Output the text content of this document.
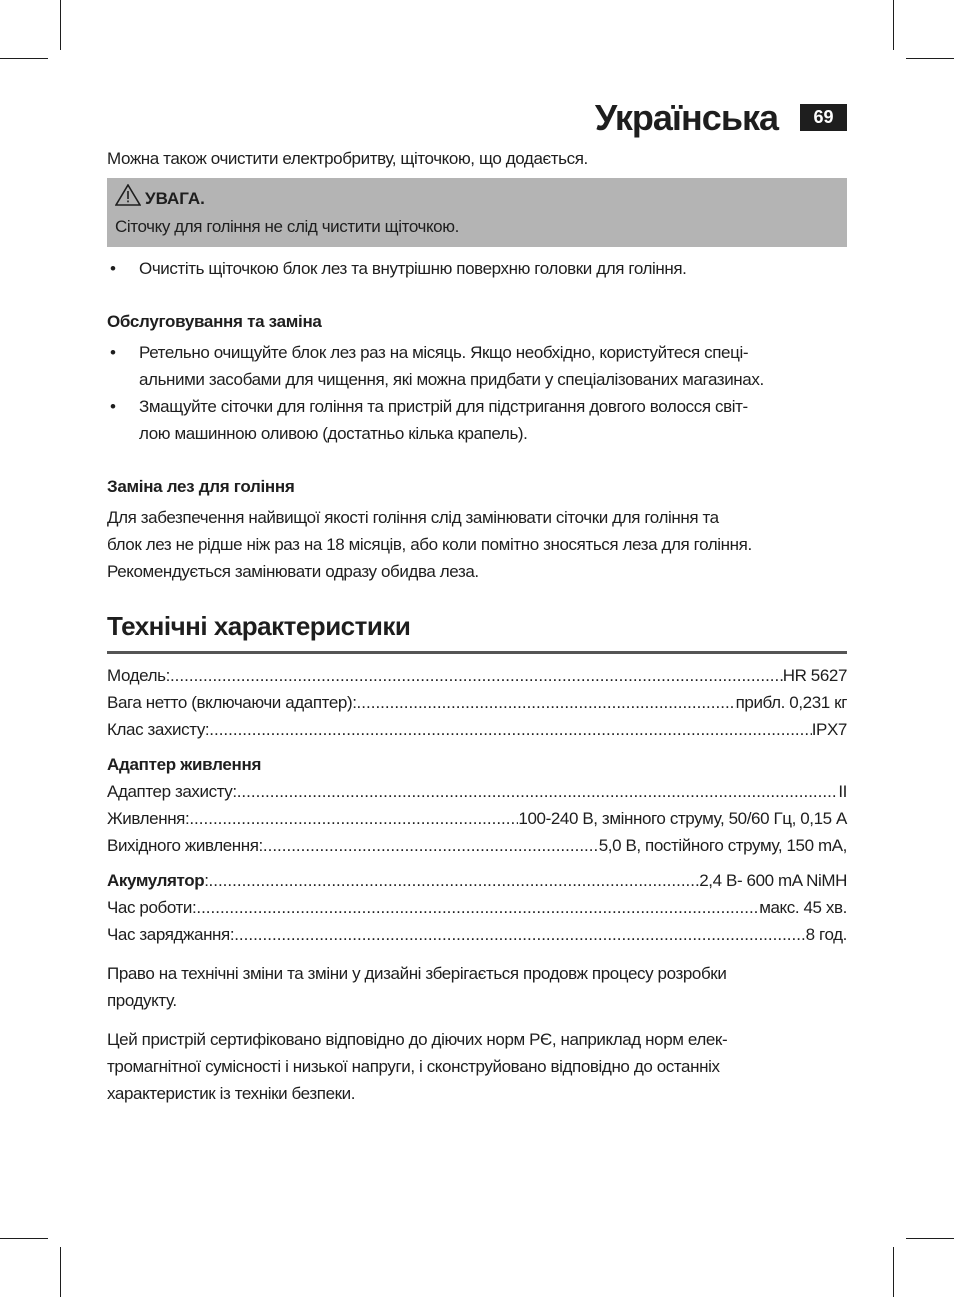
Українська	69

Можна також очистити електробритву, щіточкою, що додається.

УВАГА.
Сіточку для гоління не слід чистити щіточкою.
• Очистіть щіточкою блок лез та внутрішню поверхню головки для гоління.

Обслуговування та заміна

• Ретельно очищуйте блок лез раз на місяць. Якщо необхідно, користуйтеся спеці-
альними засобами для чищення, які можна придбати у спеціалізованих магазинах.
• Змащуйте сіточки для гоління та пристрій для підстригання довгого волосся світ-
лою машинною оливою (достатньо кілька крапель).

Заміна лез для гоління

Для забезпечення найвищої якості гоління слід замінювати сіточки для гоління та
блок лез не рідше ніж раз на 18 місяців, або коли помітно зносяться леза для гоління.
Рекомендується замінювати одразу обидва леза.

Технічні характеристики
Модель: .....	HR 5627
Вага нетто (включаючи адаптер): .....	прибл. 0,231 кг
Клас захисту: .....	IPX7

Адаптер живлення

Адаптер захисту: .....	II
Живлення: .....	100-240 В, змінного струму, 50/60 Гц, 0,15 А
Вихідного живлення: .....	5,0 В, постійного струму, 150 mA,
Акумулятор: .....	2,4 В- 600 mA NiMH
Час роботи: .....	макс. 45 хв.
Час заряджання: .....	8 год.

Право на технічні зміни та зміни у дизайні зберігається продовж процесу розробки
продукту.

Цей пристрій сертифіковано відповідно до діючих норм РЄ, наприклад норм елек-
тромагнітної сумісності і низької напруги, і сконструйовано відповідно до останніх
характеристик із техніки безпеки.
